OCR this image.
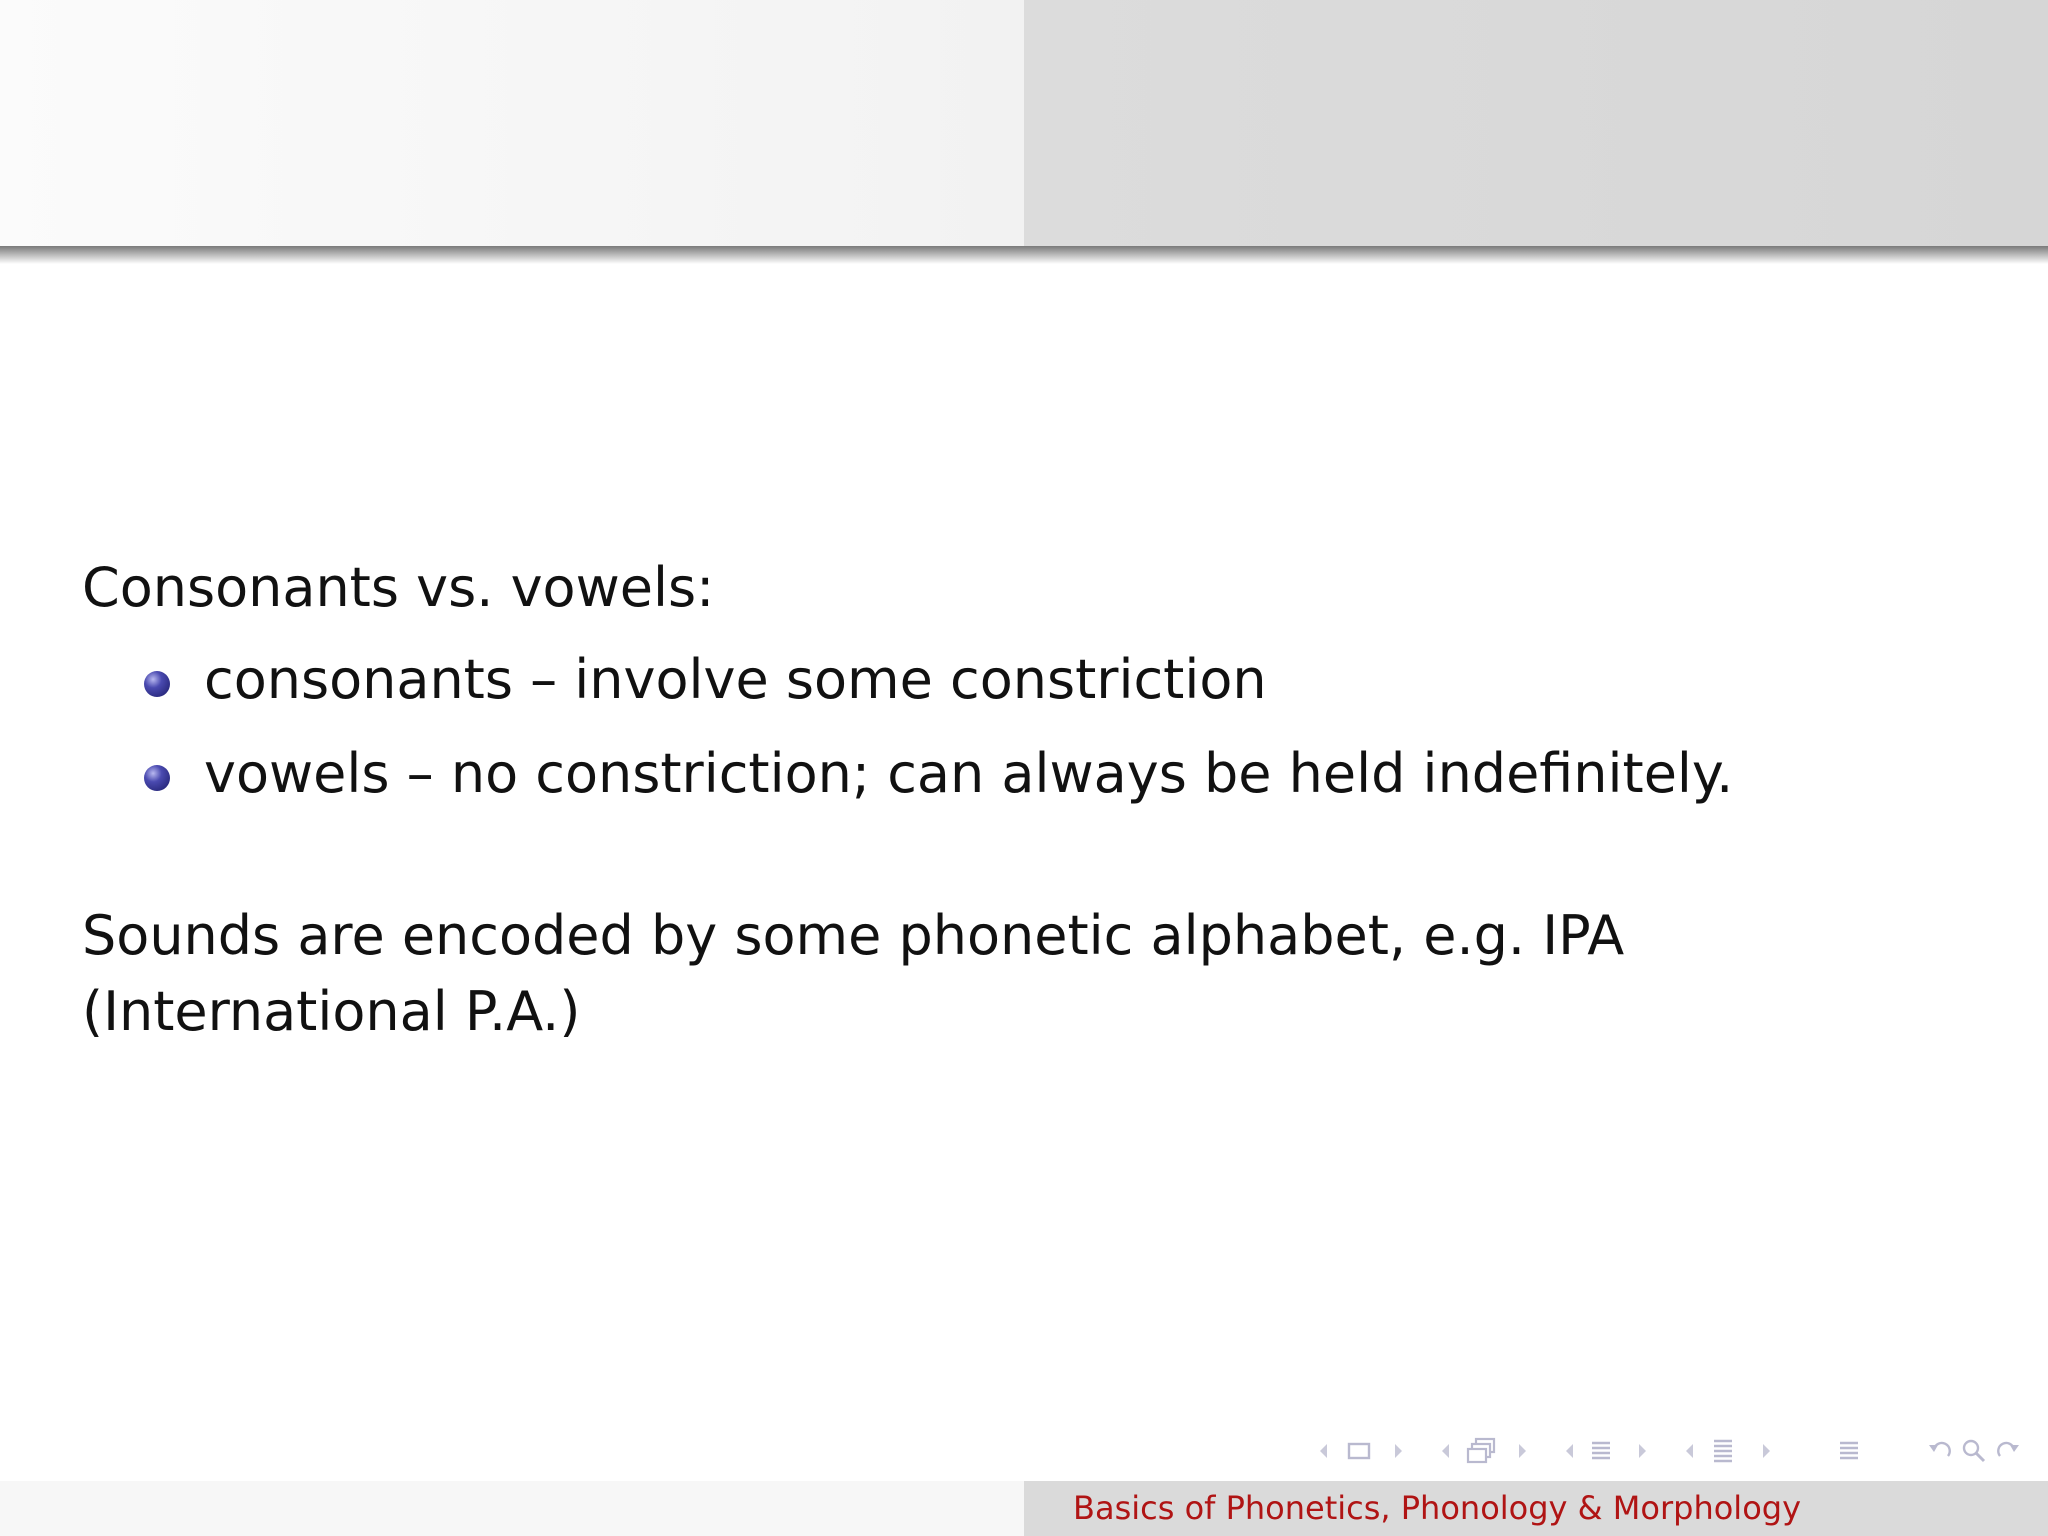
Consonants vs. vowels:

consonants – involve some constriction
vowels – no constriction; can always be held indefinitely.

Sounds are encoded by some phonetic alphabet, e.g. IPA (International P.A.)

Basics of Phonetics, Phonology & Morphology
